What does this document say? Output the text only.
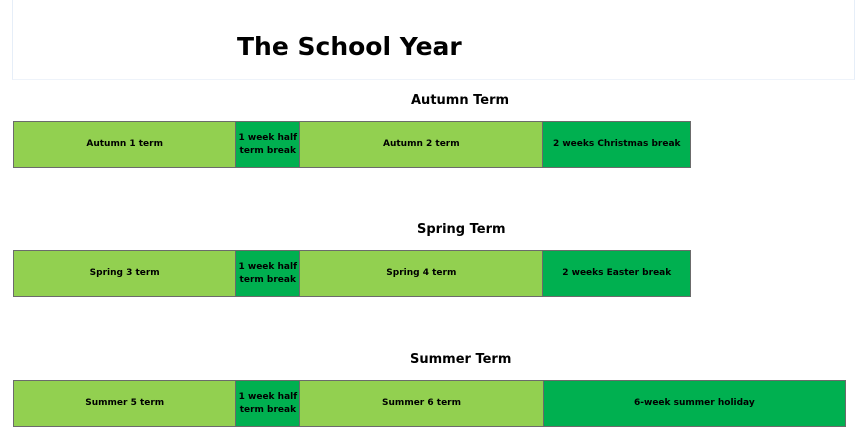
The School Year
Autumn Term
Autumn 1 term
1 week half term break
Autumn 2 term	2 weeks Christmas break
Spring Term
Spring 3 term
1 week half term break
Spring 4 term	2 weeks Easter break
Summer Term
Summer 5 term
1 week half term break
Summer 6 term	6-week summer holiday
